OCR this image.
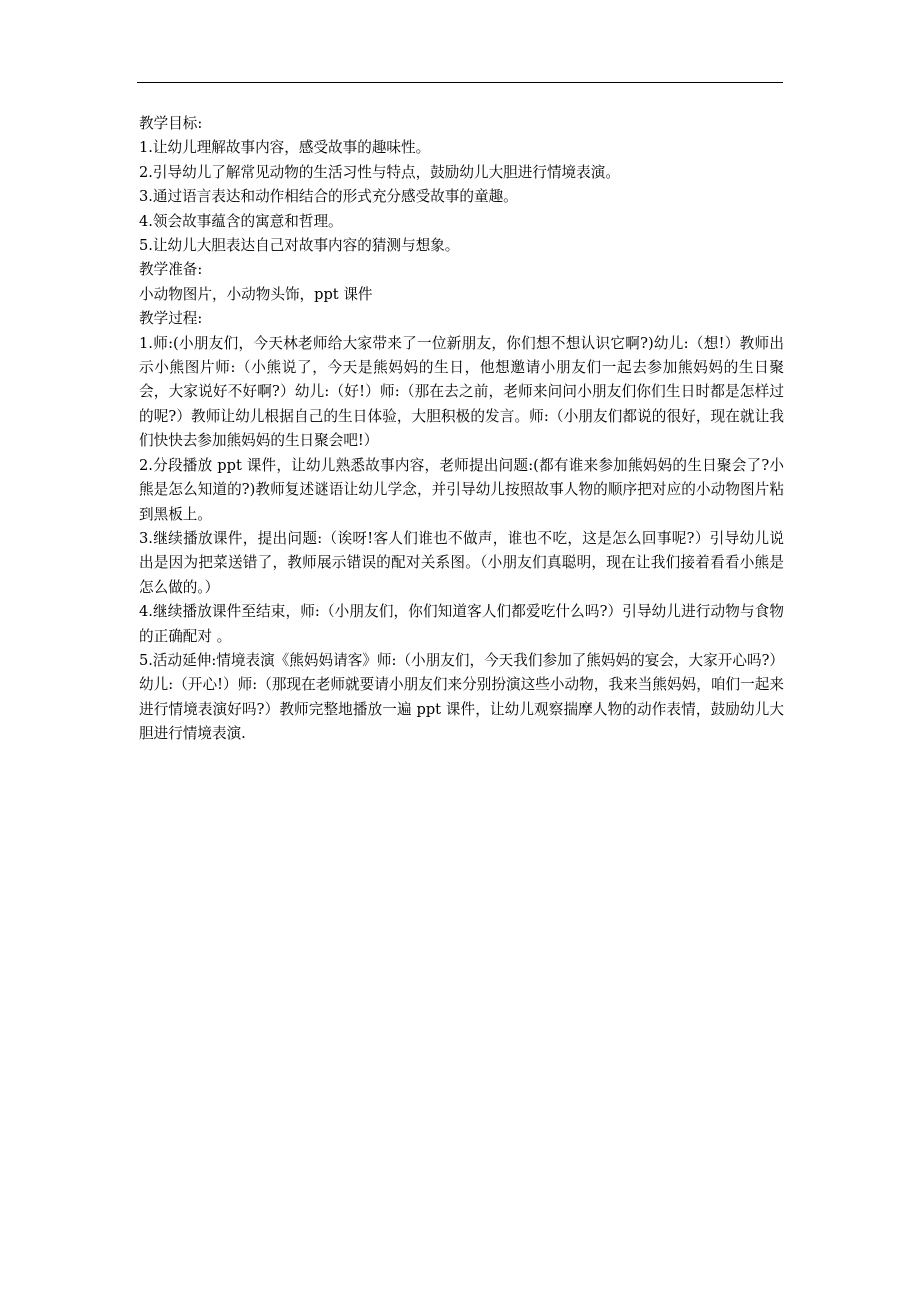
教学目标:

1.让幼儿理解故事内容，感受故事的趣味性。

2.引导幼儿了解常见动物的生活习性与特点，鼓励幼儿大胆进行情境表演。

3.通过语言表达和动作相结合的形式充分感受故事的童趣。

4.领会故事蕴含的寓意和哲理。

5.让幼儿大胆表达自己对故事内容的猜测与想象。

教学准备:

小动物图片，小动物头饰，ppt 课件

教学过程:

1.师:(小朋友们，今天林老师给大家带来了一位新朋友，你们想不想认识它啊?)幼儿:（想!）教师出示小熊图片师:（小熊说了，今天是熊妈妈的生日，他想邀请小朋友们一起去参加熊妈妈的生日聚会，大家说好不好啊?）幼儿:（好!）师:（那在去之前，老师来问问小朋友们你们生日时都是怎样过的呢?）教师让幼儿根据自己的生日体验，大胆积极的发言。师:（小朋友们都说的很好，现在就让我们快快去参加熊妈妈的生日聚会吧!）

2.分段播放 ppt 课件，让幼儿熟悉故事内容，老师提出问题:(都有谁来参加熊妈妈的生日聚会了?小熊是怎么知道的?)教师复述谜语让幼儿学念，并引导幼儿按照故事人物的顺序把对应的小动物图片粘到黑板上。

3.继续播放课件，提出问题:（诶呀!客人们谁也不做声，谁也不吃，这是怎么回事呢?）引导幼儿说出是因为把菜送错了，教师展示错误的配对关系图。（小朋友们真聪明，现在让我们接着看看小熊是怎么做的。）

4.继续播放课件至结束，师:（小朋友们，你们知道客人们都爱吃什么吗?）引导幼儿进行动物与食物的正确配对 。

5.活动延伸:情境表演《熊妈妈请客》师:（小朋友们，今天我们参加了熊妈妈的宴会，大家开心吗?）幼儿:（开心!）师:（那现在老师就要请小朋友们来分别扮演这些小动物，我来当熊妈妈，咱们一起来进行情境表演好吗?）教师完整地播放一遍 ppt 课件，让幼儿观察揣摩人物的动作表情，鼓励幼儿大胆进行情境表演.
